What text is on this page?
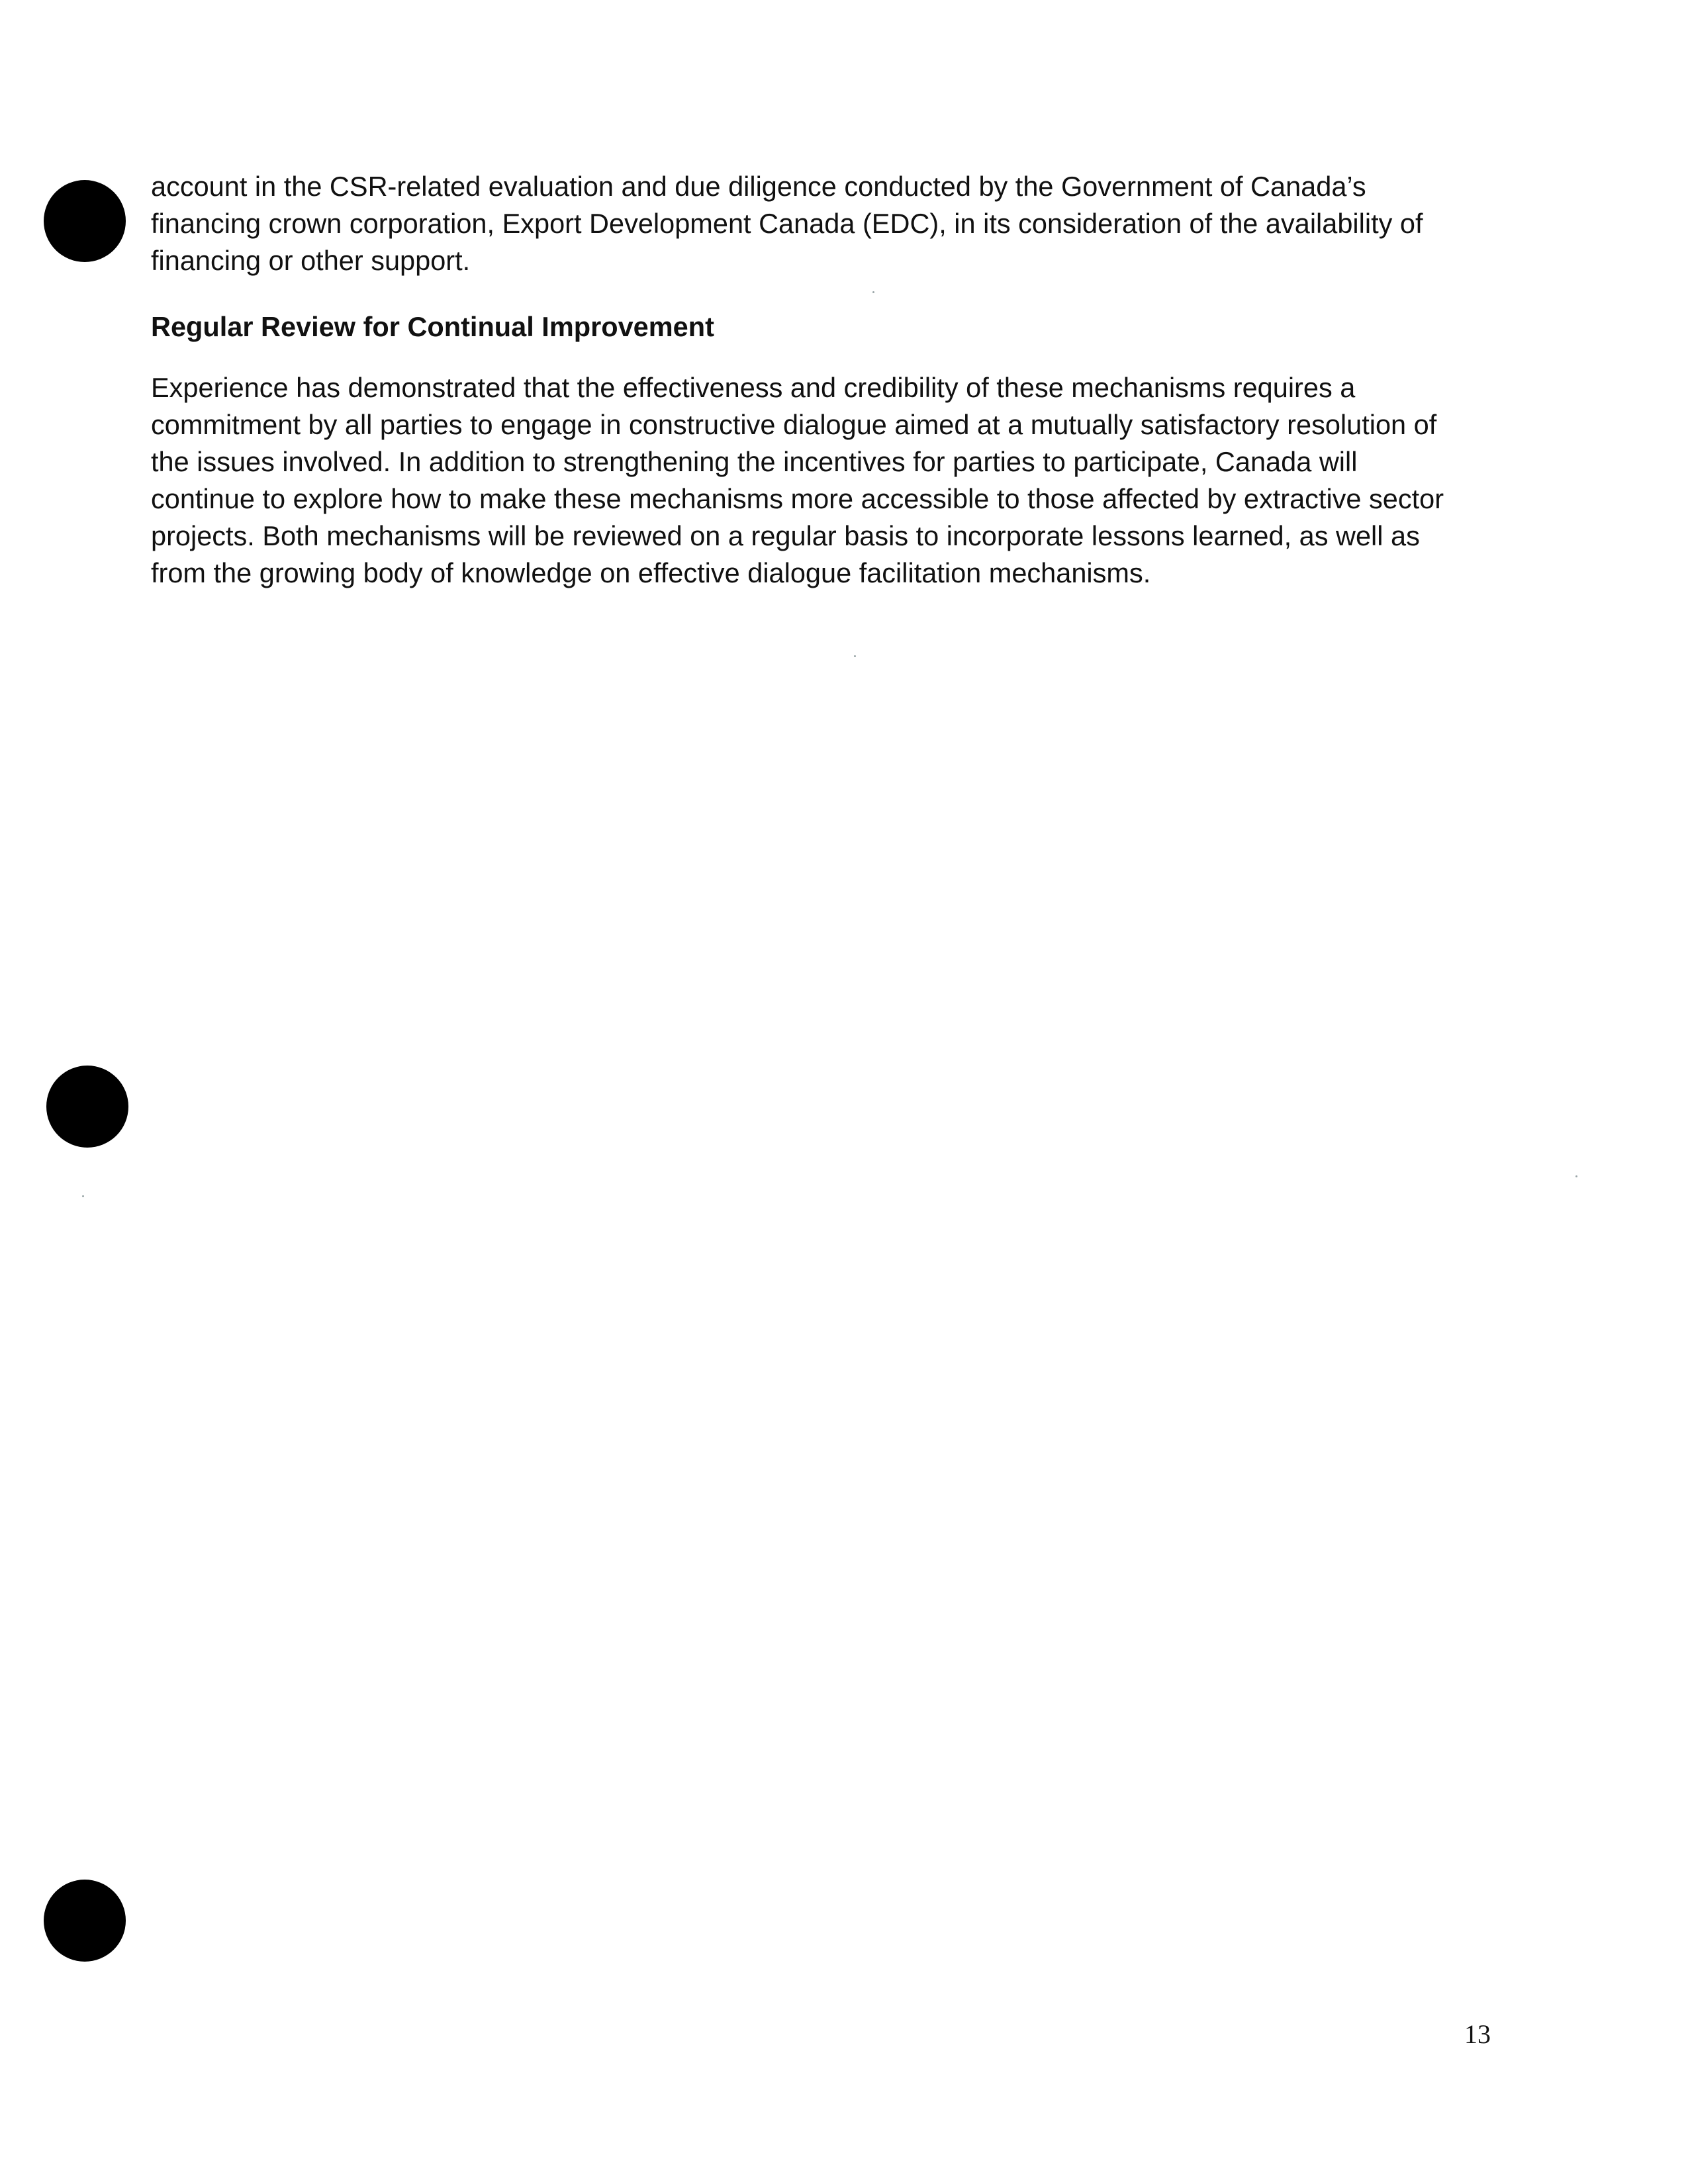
account in the CSR-related evaluation and due diligence conducted by the Government of Canada’s
financing crown corporation, Export Development Canada (EDC), in its consideration of the availability of
financing or other support.
Regular Review for Continual Improvement
Experience has demonstrated that the effectiveness and credibility of these mechanisms requires a
commitment by all parties to engage in constructive dialogue aimed at a mutually satisfactory resolution of
the issues involved. In addition to strengthening the incentives for parties to participate, Canada will
continue to explore how to make these mechanisms more accessible to those affected by extractive sector
projects. Both mechanisms will be reviewed on a regular basis to incorporate lessons learned, as well as
from the growing body of knowledge on effective dialogue facilitation mechanisms.
13
